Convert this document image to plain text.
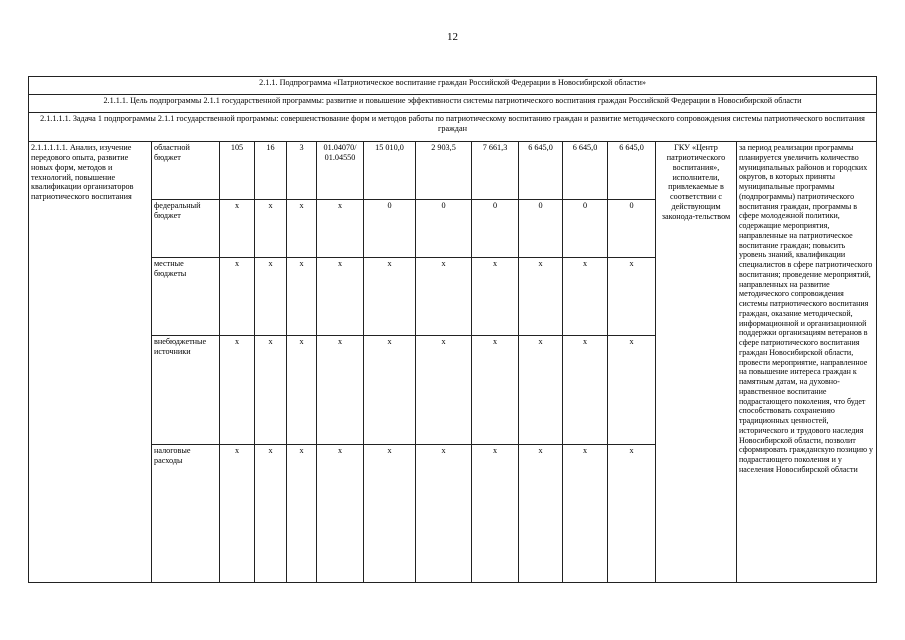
12
2.1.1. Подпрограмма «Патриотическое воспитание граждан Российской Федерации в Новосибирской области»													
2.1.1.1. Цель подпрограммы 2.1.1 государственной программы: развитие и повышение эффективности системы патриотического воспитания граждан Российской Федерации в Новосибирской области													
2.1.1.1.1. Задача 1 подпрограммы 2.1.1 государственной программы: совершенствование форм и методов работы по патриотическому воспитанию граждан и развитие методического сопровождения системы патриотического воспитания граждан													
2.1.1.1.1.1. Анализ, изучение передового опыта, развитие новых форм, методов и технологий, повышение квалификации организаторов патриотического воспитания	областной бюджет	105	16	3	01.04070/ 01.04550	15 010,0	2 903,5	7 661,3	6 645,0	6 645,0	6 645,0	ГКУ «Центр патриотического воспитания», исполнители, привлекаемые в соответствии с действующим законода-тельством	за период реализации программы планируется увеличить количество муниципальных районов и городских округов, в которых приняты муниципальные программы (подпрограммы) патриотического воспитания граждан, программы в сфере молодежной политики, содержащие мероприятия, направленные на патриотическое воспитание граждан; повысить уровень знаний, квалификации специалистов в сфере патриотического воспитания; проведение мероприятий, направленных на развитие методического сопровождения системы патриотического воспитания граждан, оказание методической, информационной и организационной поддержки организациям ветеранов в сфере патриотического воспитания граждан Новосибирской области, провести мероприятие, направленное на повышение интереса граждан к памятным датам, на духовно-нравственное воспитание подрастающего поколения, что будет способствовать сохранению традиционных ценностей, исторического и трудового наследия Новосибирской области, позволит сформировать гражданскую позицию у подрастающего поколения и у населения Новосибирской области
	федеральный бюджет	x	x	x	x	0	0	0	0	0	0		
	местные бюджеты	x	x	x	x	x	x	x	x	x	x		
	внебюджетные источники	x	x	x	x	x	x	x	x	x	x		
	налоговые расходы	x	x	x	x	x	x	x	x	x	x		
